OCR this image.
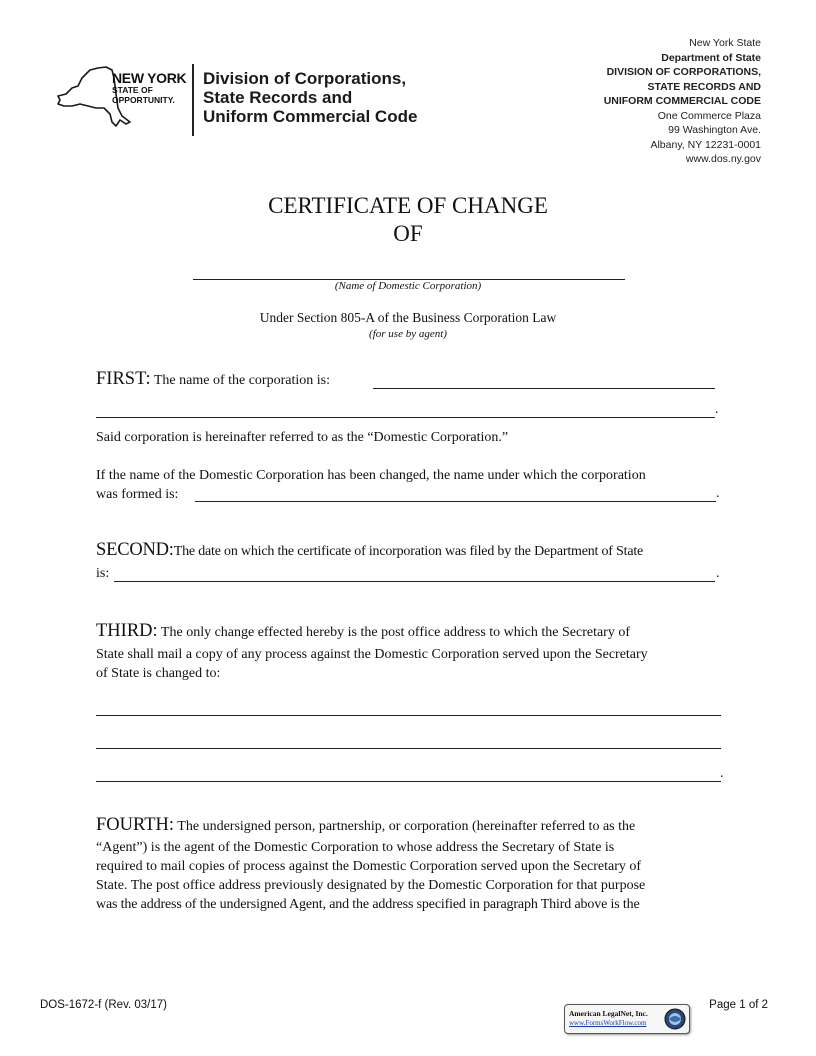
NEW YORK
STATE OF
OPPORTUNITY.
Division of Corporations,
State Records and
Uniform Commercial Code
New York State
Department of State
DIVISION OF CORPORATIONS,
STATE RECORDS AND
UNIFORM COMMERCIAL CODE
One Commerce Plaza
99 Washington Ave.
Albany, NY 12231-0001
www.dos.ny.gov
CERTIFICATE OF CHANGE
OF
(Name of Domestic Corporation)
Under Section 805-A of the Business Corporation Law
(for use by agent)
FIRST: The name of the corporation is:
.
Said corporation is hereinafter referred to as the “Domestic Corporation.”
If the name of the Domestic Corporation has been changed, the name under which the corporation
was formed is:	.
SECOND:The date on which the certificate of incorporation was filed by the Department of State
is:	.
THIRD: The only change effected hereby is the post office address to which the Secretary of
State shall mail a copy of any process against the Domestic Corporation served upon the Secretary
of State is changed to:
.
FOURTH: The undersigned person, partnership, or corporation (hereinafter referred to as the
“Agent”) is the agent of the Domestic Corporation to whose address the Secretary of State is
required to mail copies of process against the Domestic Corporation served upon the Secretary of
State. The post office address previously designated by the Domestic Corporation for that purpose
was the address of the undersigned Agent, and the address specified in paragraph Third above is the
DOS-1672-f (Rev. 03/17)	Page 1 of 2
American LegalNet, Inc.
www.FormsWorkFlow.com
